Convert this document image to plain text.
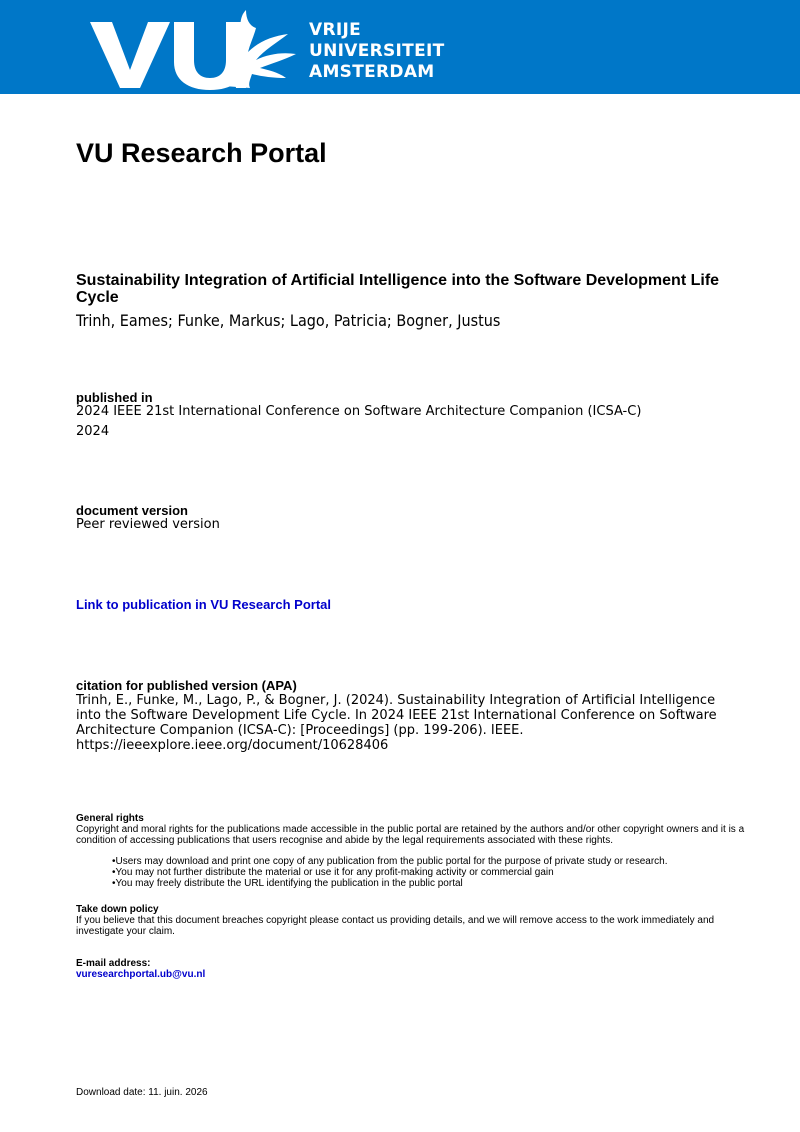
VRIJE
UNIVERSITEIT
AMSTERDAM
VU Research Portal
Sustainability Integration of Artificial Intelligence into the Software Development Life Cycle
Trinh, Eames; Funke, Markus; Lago, Patricia; Bogner, Justus
published in
2024 IEEE 21st International Conference on Software Architecture Companion (ICSA-C)
2024
document version
Peer reviewed version
Link to publication in VU Research Portal
citation for published version (APA)
Trinh, E., Funke, M., Lago, P., & Bogner, J. (2024). Sustainability Integration of Artificial Intelligence into the Software Development Life Cycle. In 2024 IEEE 21st International Conference on Software Architecture Companion (ICSA-C): [Proceedings] (pp. 199-206). IEEE. https://ieeexplore.ieee.org/document/10628406
General rights
Copyright and moral rights for the publications made accessible in the public portal are retained by the authors and/or other copyright owners and it is a condition of accessing publications that users recognise and abide by the legal requirements associated with these rights.
• Users may download and print one copy of any publication from the public portal for the purpose of private study or research.
• You may not further distribute the material or use it for any profit-making activity or commercial gain
• You may freely distribute the URL identifying the publication in the public portal
Take down policy
If you believe that this document breaches copyright please contact us providing details, and we will remove access to the work immediately and investigate your claim.
E-mail address:
vuresearchportal.ub@vu.nl
Download date: 11. juin. 2026
